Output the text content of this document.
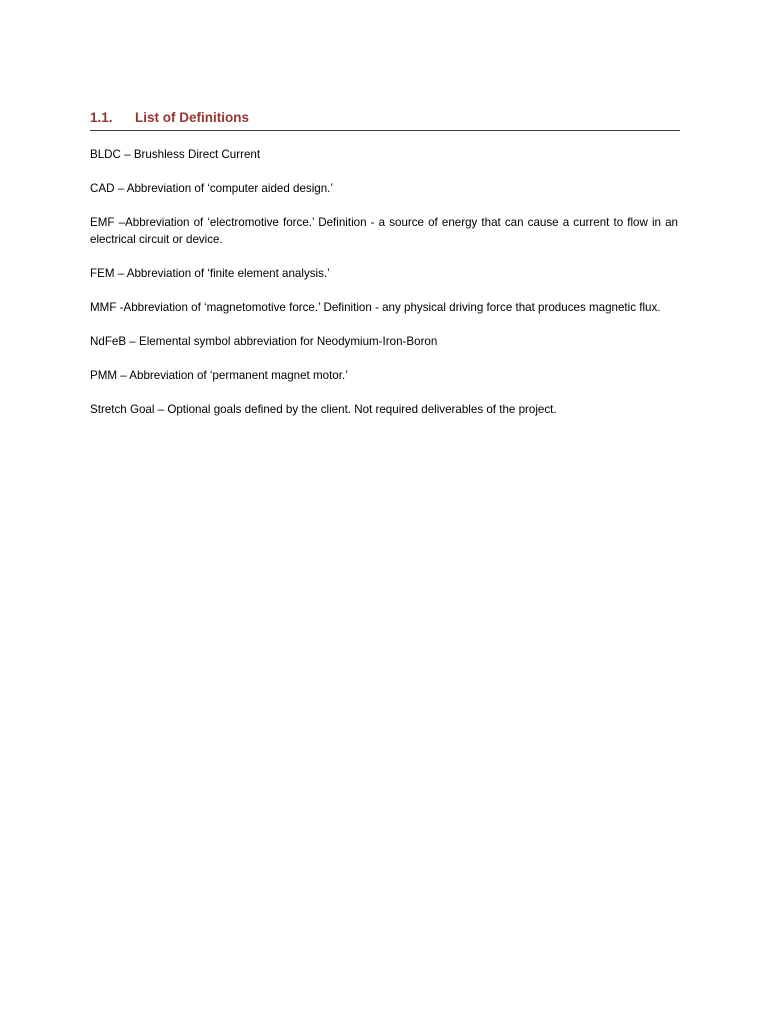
1.1. List of Definitions

BLDC – Brushless Direct Current

CAD – Abbreviation of ‘computer aided design.’

EMF –Abbreviation of ‘electromotive force.’ Definition - a source of energy that can cause a current to flow in an electrical circuit or device.

FEM – Abbreviation of ‘finite element analysis.’

MMF -Abbreviation of ‘magnetomotive force.’ Definition - any physical driving force that produces magnetic flux.

NdFeB – Elemental symbol abbreviation for Neodymium-Iron-Boron

PMM – Abbreviation of ‘permanent magnet motor.’

Stretch Goal – Optional goals defined by the client. Not required deliverables of the project.
